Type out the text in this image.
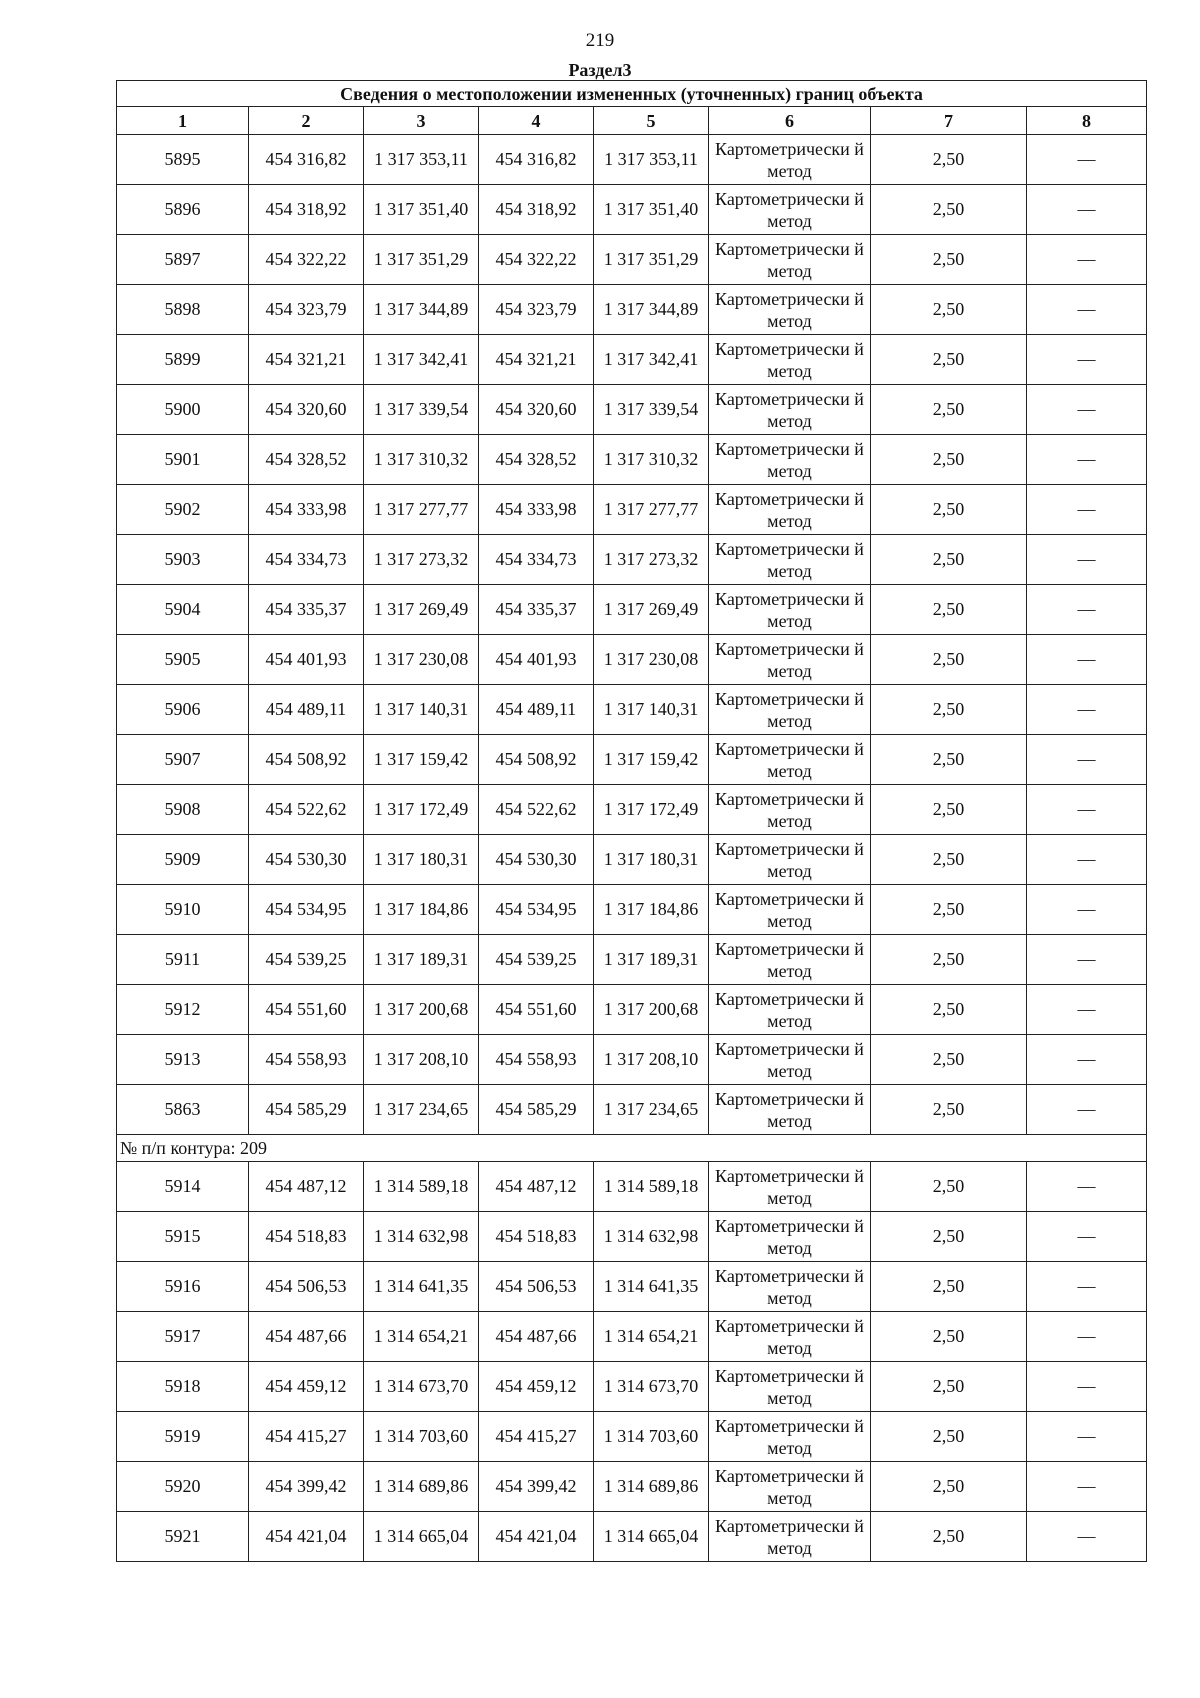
219
Раздел3
Сведения о местоположении измененных (уточненных) границ объекта							
1	2	3	4	5	6	7	8
5895	454 316,82	1 317 353,11	454 316,82	1 317 353,11	Картометрически й метод	2,50	—
5896	454 318,92	1 317 351,40	454 318,92	1 317 351,40	Картометрически й метод	2,50	—
5897	454 322,22	1 317 351,29	454 322,22	1 317 351,29	Картометрически й метод	2,50	—
5898	454 323,79	1 317 344,89	454 323,79	1 317 344,89	Картометрически й метод	2,50	—
5899	454 321,21	1 317 342,41	454 321,21	1 317 342,41	Картометрически й метод	2,50	—
5900	454 320,60	1 317 339,54	454 320,60	1 317 339,54	Картометрически й метод	2,50	—
5901	454 328,52	1 317 310,32	454 328,52	1 317 310,32	Картометрически й метод	2,50	—
5902	454 333,98	1 317 277,77	454 333,98	1 317 277,77	Картометрически й метод	2,50	—
5903	454 334,73	1 317 273,32	454 334,73	1 317 273,32	Картометрически й метод	2,50	—
5904	454 335,37	1 317 269,49	454 335,37	1 317 269,49	Картометрически й метод	2,50	—
5905	454 401,93	1 317 230,08	454 401,93	1 317 230,08	Картометрически й метод	2,50	—
5906	454 489,11	1 317 140,31	454 489,11	1 317 140,31	Картометрически й метод	2,50	—
5907	454 508,92	1 317 159,42	454 508,92	1 317 159,42	Картометрически й метод	2,50	—
5908	454 522,62	1 317 172,49	454 522,62	1 317 172,49	Картометрически й метод	2,50	—
5909	454 530,30	1 317 180,31	454 530,30	1 317 180,31	Картометрически й метод	2,50	—
5910	454 534,95	1 317 184,86	454 534,95	1 317 184,86	Картометрически й метод	2,50	—
5911	454 539,25	1 317 189,31	454 539,25	1 317 189,31	Картометрически й метод	2,50	—
5912	454 551,60	1 317 200,68	454 551,60	1 317 200,68	Картометрически й метод	2,50	—
5913	454 558,93	1 317 208,10	454 558,93	1 317 208,10	Картометрически й метод	2,50	—
5863	454 585,29	1 317 234,65	454 585,29	1 317 234,65	Картометрически й метод	2,50	—
№ п/п контура: 209							
5914	454 487,12	1 314 589,18	454 487,12	1 314 589,18	Картометрически й метод	2,50	—
5915	454 518,83	1 314 632,98	454 518,83	1 314 632,98	Картометрически й метод	2,50	—
5916	454 506,53	1 314 641,35	454 506,53	1 314 641,35	Картометрически й метод	2,50	—
5917	454 487,66	1 314 654,21	454 487,66	1 314 654,21	Картометрически й метод	2,50	—
5918	454 459,12	1 314 673,70	454 459,12	1 314 673,70	Картометрически й метод	2,50	—
5919	454 415,27	1 314 703,60	454 415,27	1 314 703,60	Картометрически й метод	2,50	—
5920	454 399,42	1 314 689,86	454 399,42	1 314 689,86	Картометрически й метод	2,50	—
5921	454 421,04	1 314 665,04	454 421,04	1 314 665,04	Картометрически й метод	2,50	—
